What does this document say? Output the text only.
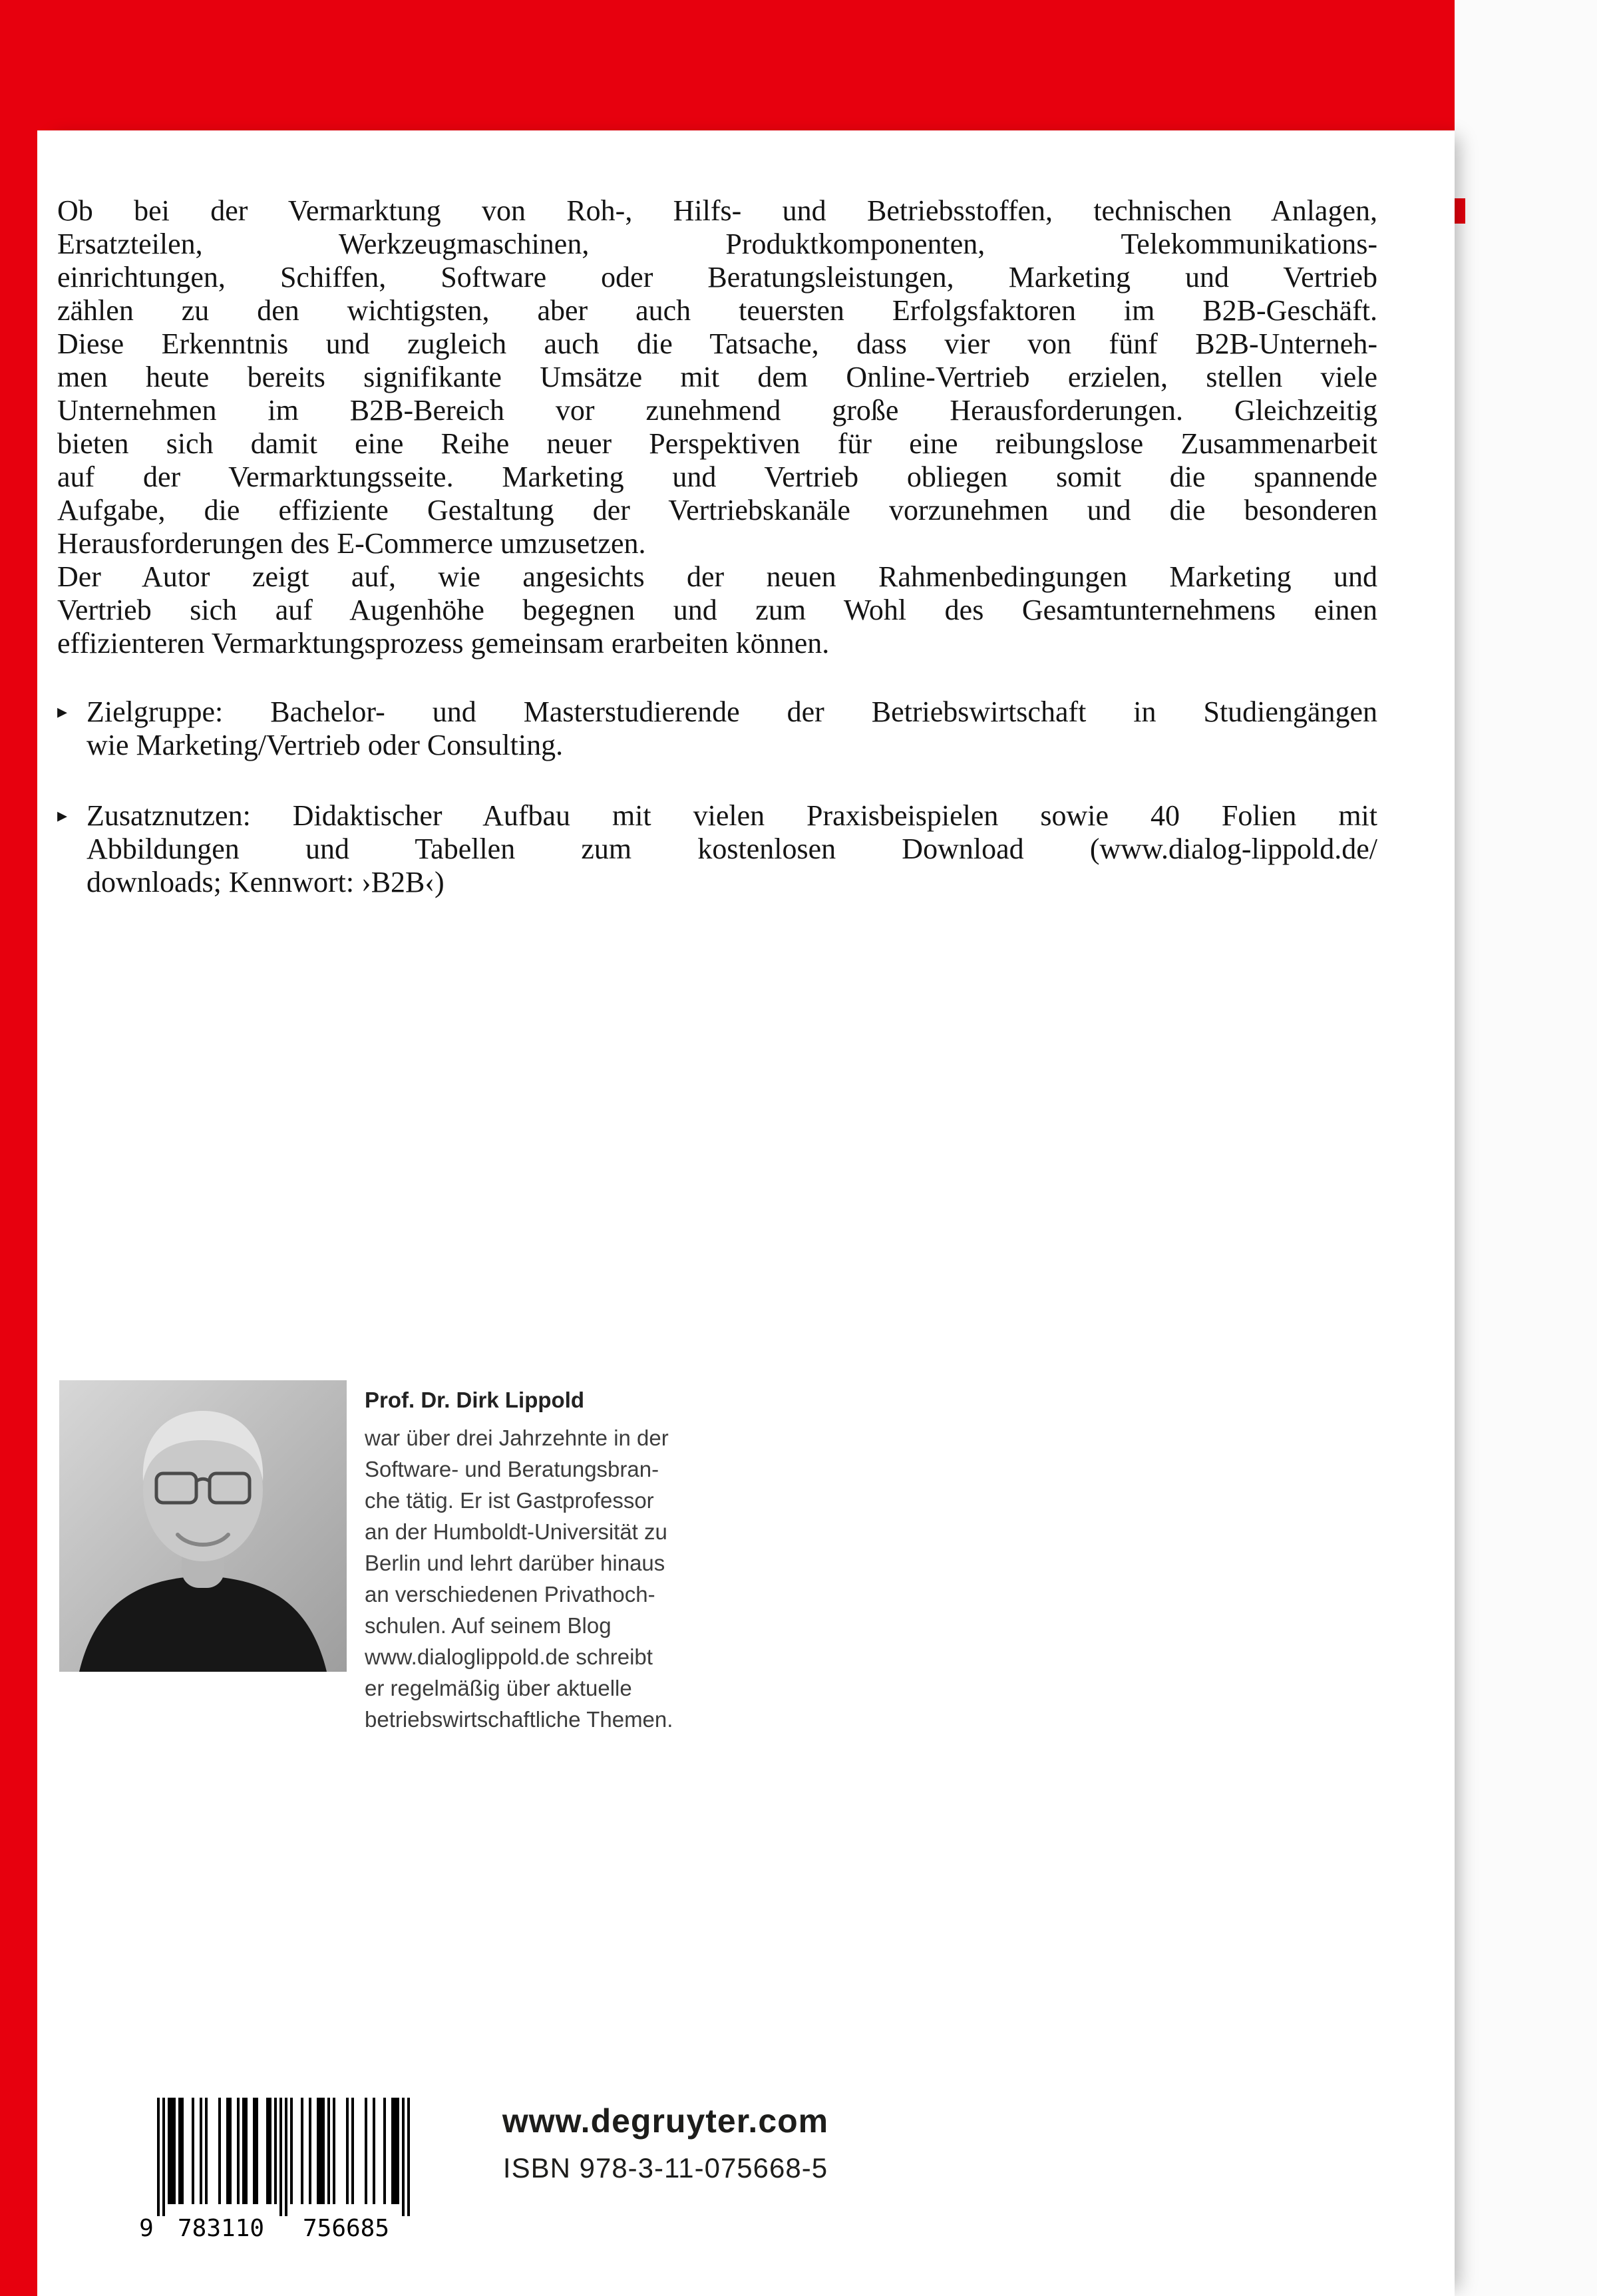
Ob bei der Vermarktung von Roh-, Hilfs- und Betriebsstoffen, technischen Anlagen,
Ersatzteilen, Werkzeugmaschinen, Produktkomponenten, Telekommunikations-
einrichtungen, Schiffen, Software oder Beratungsleistungen, Marketing und Vertrieb
zählen zu den wichtigsten, aber auch teuersten Erfolgsfaktoren im B2B-Geschäft.
Diese Erkenntnis und zugleich auch die Tatsache, dass vier von fünf B2B-Unterneh-
men heute bereits signifikante Umsätze mit dem Online-Vertrieb erzielen, stellen viele
Unternehmen im B2B-Bereich vor zunehmend große Herausforderungen. Gleichzeitig
bieten sich damit eine Reihe neuer Perspektiven für eine reibungslose Zusammenarbeit
auf der Vermarktungsseite. Marketing und Vertrieb obliegen somit die spannende
Aufgabe, die effiziente Gestaltung der Vertriebskanäle vorzunehmen und die besonderen
Herausforderungen des E-Commerce umzusetzen.
Der Autor zeigt auf, wie angesichts der neuen Rahmenbedingungen Marketing und
Vertrieb sich auf Augenhöhe begegnen und zum Wohl des Gesamtunternehmens einen
effizienteren Vermarktungsprozess gemeinsam erarbeiten können.
▸ Zielgruppe: Bachelor- und Masterstudierende der Betriebswirtschaft in Studiengängen
wie Marketing/Vertrieb oder Consulting.
▸ Zusatznutzen: Didaktischer Aufbau mit vielen Praxisbeispielen sowie 40 Folien mit
Abbildungen und Tabellen zum kostenlosen Download (www.dialog-lippold.de/
downloads; Kennwort: ›B2B‹)
Prof. Dr. Dirk Lippold
war über drei Jahrzehnte in der
Software- und Beratungsbran-
che tätig. Er ist Gastprofessor
an der Humboldt-Universität zu
Berlin und lehrt darüber hinaus
an verschiedenen Privathoch-
schulen. Auf seinem Blog
www.dialoglippold.de schreibt
er regelmäßig über aktuelle
betriebswirtschaftliche Themen.
9 783110 756685
www.degruyter.com
ISBN 978-3-11-075668-5
